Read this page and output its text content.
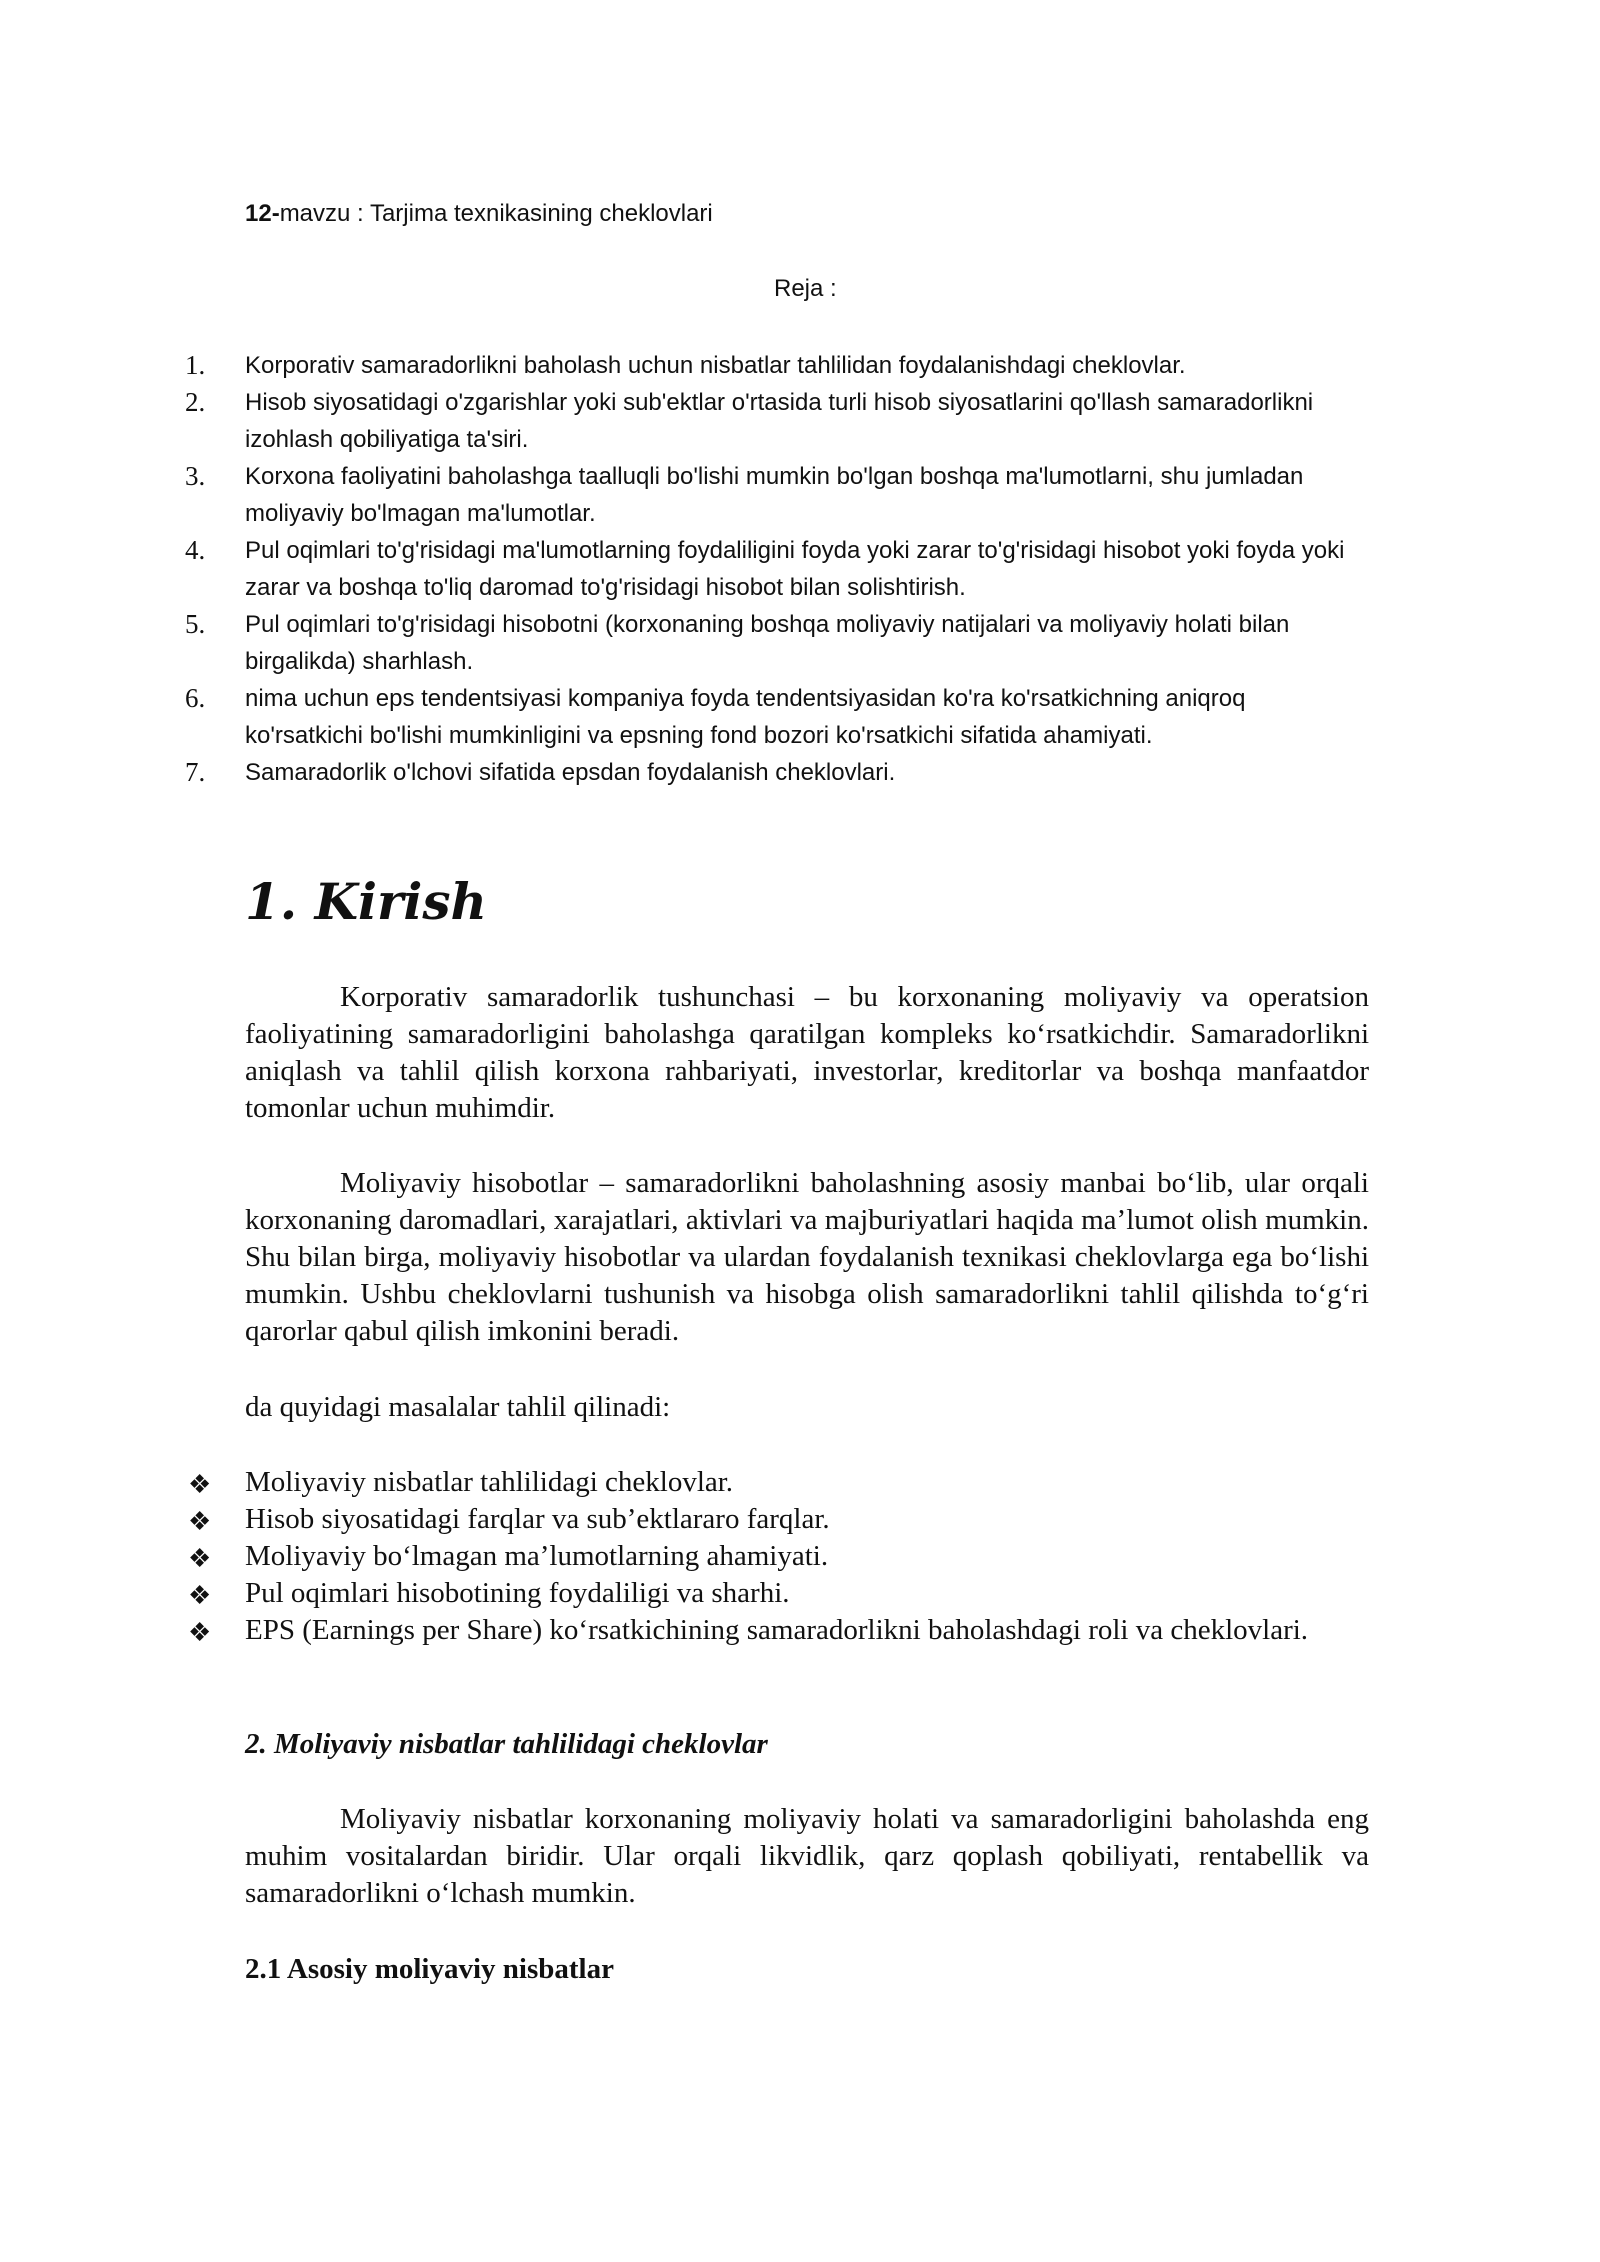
12-mavzu : Tarjima texnikasining cheklovlari
Reja :
1. Korporativ samaradorlikni baholash uchun nisbatlar tahlilidan foydalanishdagi cheklovlar.
2. Hisob siyosatidagi o'zgarishlar yoki sub'ektlar o'rtasida turli hisob siyosatlarini qo'llash samaradorlikni izohlash qobiliyatiga ta'siri.
3. Korxona faoliyatini baholashga taalluqli bo'lishi mumkin bo'lgan boshqa ma'lumotlarni, shu jumladan moliyaviy bo'lmagan ma'lumotlar.
4. Pul oqimlari to'g'risidagi ma'lumotlarning foydaliligini foyda yoki zarar to'g'risidagi hisobot yoki foyda yoki zarar va boshqa to'liq daromad to'g'risidagi hisobot bilan solishtirish.
5. Pul oqimlari to'g'risidagi hisobotni (korxonaning boshqa moliyaviy natijalari va moliyaviy holati bilan birgalikda) sharhlash.
6. nima uchun eps tendentsiyasi kompaniya foyda tendentsiyasidan ko'ra ko'rsatkichning aniqroq ko'rsatkichi bo'lishi mumkinligini va epsning fond bozori ko'rsatkichi sifatida ahamiyati.
7. Samaradorlik o'lchovi sifatida epsdan foydalanish cheklovlari.
1. Kirish

Korporativ samaradorlik tushunchasi – bu korxonaning moliyaviy va operatsion faoliyatining samaradorligini baholashga qaratilgan kompleks ko‘rsatkichdir. Samaradorlikni aniqlash va tahlil qilish korxona rahbariyati, investorlar, kreditorlar va boshqa manfaatdor tomonlar uchun muhimdir.

Moliyaviy hisobotlar – samaradorlikni baholashning asosiy manbai bo‘lib, ular orqali korxonaning daromadlari, xarajatlari, aktivlari va majburiyatlari haqida ma’lumot olish mumkin. Shu bilan birga, moliyaviy hisobotlar va ulardan foydalanish texnikasi cheklovlarga ega bo‘lishi mumkin. Ushbu cheklovlarni tushunish va hisobga olish samaradorlikni tahlil qilishda to‘g‘ri qarorlar qabul qilish imkonini beradi.

da quyidagi masalalar tahlil qilinadi:

❖ Moliyaviy nisbatlar tahlilidagi cheklovlar.
❖ Hisob siyosatidagi farqlar va sub’ektlararo farqlar.
❖ Moliyaviy bo‘lmagan ma’lumotlarning ahamiyati.
❖ Pul oqimlari hisobotining foydaliligi va sharhi.
❖ EPS (Earnings per Share) ko‘rsatkichining samaradorlikni baholashdagi roli va cheklovlari.

2. Moliyaviy nisbatlar tahlilidagi cheklovlar

Moliyaviy nisbatlar korxonaning moliyaviy holati va samaradorligini baholashda eng muhim vositalardan biridir. Ular orqali likvidlik, qarz qoplash qobiliyati, rentabellik va samaradorlikni o‘lchash mumkin.

2.1 Asosiy moliyaviy nisbatlar
